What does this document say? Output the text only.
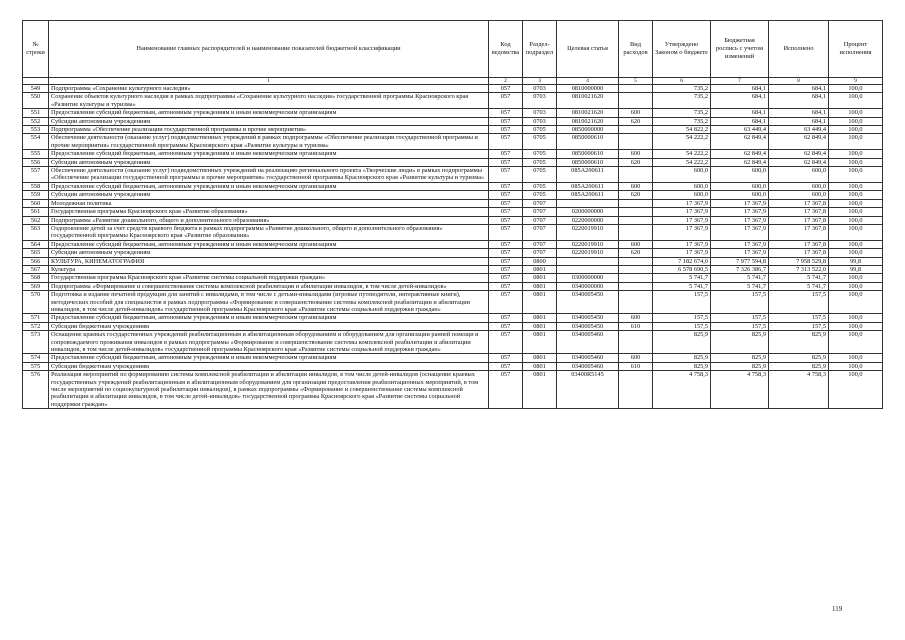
№ строки	Наименование главных распорядителей и наименование показателей бюджетной классификации	Код ведомства	Раздел-подраздел	Целевая статья	Вид расходов	Утверждено Законом о бюджете	Бюджетная роспись с учетом изменений	Исполнено	Процент исполнения
	1	2	3	4	5	6	7	8	9
549	Подпрограмма «Сохранение культурного наследия»	057	0703	0810000000		735,2	684,1	684,1	100,0
550	Сохранение объектов культурного наследия в рамках подпрограммы «Сохранение культурного наследия» государственной программы Красноярского края «Развитие культуры и туризма»	057	0703	0810021620		735,2	684,1	684,1	100,0
551	Предоставление субсидий бюджетным, автономным учреждениям и иным некоммерческим организациям	057	0703	0810021620	600	735,2	684,1	684,1	100,0
552	Субсидии автономным учреждениям	057	0703	0810021620	620	735,2	684,1	684,1	100,0
553	Подпрограмма «Обеспечение реализации государственной программы и прочие мероприятия»	057	0705	0850000000		54 822,2	63 449,4	63 449,4	100,0
554	Обеспечение деятельности (оказание услуг) подведомственных учреждений в рамках подпрограммы «Обеспечение реализации государственной программы и прочие мероприятия» государственной программы Красноярского края «Развитие культуры и туризма»	057	0705	0850000610		54 222,2	62 849,4	62 849,4	100,0
555	Предоставление субсидий бюджетным, автономным учреждениям и иным некоммерческим организациям	057	0705	0850000610	600	54 222,2	62 849,4	62 849,4	100,0
556	Субсидии автономным учреждениям	057	0705	0850000610	620	54 222,2	62 849,4	62 849,4	100,0
557	Обеспечение деятельности (оказание услуг) подведомственных учреждений на реализацию регионального проекта «Творческие люди» в рамках подпрограммы «Обеспечение реализации государственной программы и прочие мероприятия» государственной программы Красноярского края «Развитие культуры и туризма»	057	0705	085A200611		600,0	600,0	600,0	100,0
558	Предоставление субсидий бюджетным, автономным учреждениям и иным некоммерческим организациям	057	0705	085A200611	600	600,0	600,0	600,0	100,0
559	Субсидии автономным учреждениям	057	0705	085A200611	620	600,0	600,0	600,0	100,0
560	Молодежная политика	057	0707			17 367,9	17 367,9	17 367,8	100,0
561	Государственная программа Красноярского края «Развитие образования»	057	0707	0200000000		17 367,9	17 367,9	17 367,8	100,0
562	Подпрограмма «Развитие дошкольного, общего и дополнительного образования»	057	0707	0220000000		17 367,9	17 367,9	17 367,8	100,0
563	Оздоровление детей за счет средств краевого бюджета в рамках подпрограммы «Развитие дошкольного, общего и дополнительного образования» государственной программы Красноярского края «Развитие образования»	057	0707	0220019910		17 367,9	17 367,9	17 367,8	100,0
564	Предоставление субсидий бюджетным, автономным учреждениям и иным некоммерческим организациям	057	0707	0220019910	600	17 367,9	17 367,9	17 367,8	100,0
565	Субсидии автономным учреждениям	057	0707	0220019910	620	17 367,9	17 367,9	17 367,8	100,0
566	КУЛЬТУРА, КИНЕМАТОГРАФИЯ	057	0800			7 182 674,0	7 977 594,8	7 958 529,8	99,8
567	Культура	057	0801			6 578 690,5	7 326 386,7	7 313 522,0	99,8
568	Государственная программа Красноярского края «Развитие системы социальной поддержки граждан»	057	0801	0300000000		5 741,7	5 741,7	5 741,7	100,0
569	Подпрограмма «Формирование и совершенствование системы комплексной реабилитации и абилитации инвалидов, в том числе детей-инвалидов»	057	0801	0340000000		5 741,7	5 741,7	5 741,7	100,0
570	Подготовка и издание печатной продукции для занятий с инвалидами, в том числе с детьми-инвалидами (игровые путеводители, интерактивные книги), методических пособий для специалистов в рамках подпрограммы «Формирование и совершенствование системы комплексной реабилитации и абилитации инвалидов, в том числе детей-инвалидов» государственной программы Красноярского края «Развитие системы социальной поддержки граждан»	057	0801	0340005450		157,5	157,5	157,5	100,0
571	Предоставление субсидий бюджетным, автономным учреждениям и иным некоммерческим организациям	057	0801	0340005450	600	157,5	157,5	157,5	100,0
572	Субсидии бюджетным учреждениям	057	0801	0340005450	610	157,5	157,5	157,5	100,0
573	Оснащение краевых государственных учреждений реабилитационным и абилитационным оборудованием и оборудованием для организации ранней помощи и сопровождаемого проживания инвалидов в рамках подпрограммы «Формирование и совершенствование системы комплексной реабилитации и абилитации инвалидов, в том числе детей-инвалидов» государственной программы Красноярского края «Развитие системы социальной поддержки граждан»	057	0801	0340005460		825,9	825,9	825,9	100,0
574	Предоставление субсидий бюджетным, автономным учреждениям и иным некоммерческим организациям	057	0801	0340005460	600	825,9	825,9	825,9	100,0
575	Субсидии бюджетным учреждениям	057	0801	0340005460	610	825,9	825,9	825,9	100,0
576	Реализация мероприятий по формированию системы комплексной реабилитации и абилитации инвалидов, в том числе детей-инвалидов (оснащение краевых государственных учреждений реабилитационным и абилитационным оборудованием для организации предоставления реабилитационных мероприятий, в том числе мероприятий по социокультурной реабилитации инвалидов), в рамках подпрограммы «Формирование и совершенствование системы комплексной реабилитации и абилитации инвалидов, в том числе детей-инвалидов» государственной программы Красноярского края «Развитие системы социальной поддержки граждан»	057	0801	03400R5145		4 758,3	4 758,3	4 758,3	100,0
119
